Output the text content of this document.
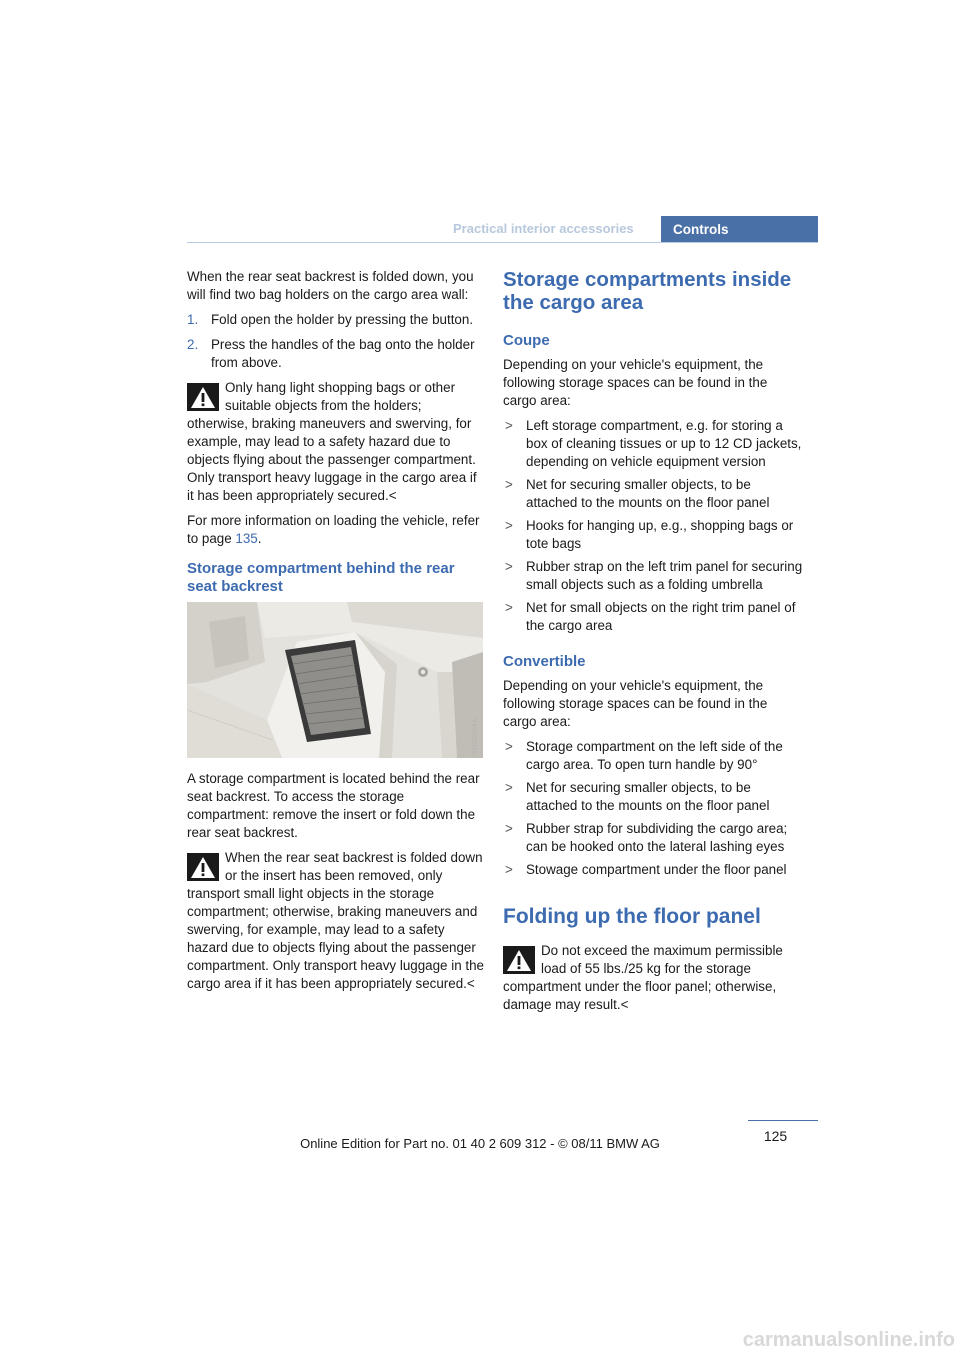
Practical interior accessories	Controls

When the rear seat backrest is folded down, you will find two bag holders on the cargo area wall:

1. Fold open the holder by pressing the button.
2. Press the handles of the bag onto the holder from above.
Only hang light shopping bags or other suitable objects from the holders; otherwise, braking maneuvers and swerving, for example, may lead to a safety hazard due to objects flying about the passenger compartment. Only transport heavy luggage in the cargo area if it has been appropriately secured.<

For more information on loading the vehicle, refer to page 135.

Storage compartment behind the rear seat backrest
W1S0304A

A storage compartment is located behind the rear seat backrest. To access the storage compartment: remove the insert or fold down the rear seat backrest.

When the rear seat backrest is folded down or the insert has been removed, only transport small light objects in the storage compartment; otherwise, braking maneuvers and swerving, for example, may lead to a safety hazard due to objects flying about the passenger compartment. Only transport heavy luggage in the cargo area if it has been appropriately secured.<
Storage compartments inside the cargo area
Coupe

Depending on your vehicle's equipment, the following storage spaces can be found in the cargo area:

> Left storage compartment, e.g. for storing a box of cleaning tissues or up to 12 CD jackets, depending on vehicle equipment version
> Net for securing smaller objects, to be attached to the mounts on the floor panel
> Hooks for hanging up, e.g., shopping bags or tote bags
> Rubber strap on the left trim panel for securing small objects such as a folding umbrella
> Net for small objects on the right trim panel of the cargo area
Convertible

Depending on your vehicle's equipment, the following storage spaces can be found in the cargo area:

> Storage compartment on the left side of the cargo area. To open turn handle by 90°
> Net for securing smaller objects, to be attached to the mounts on the floor panel
> Rubber strap for subdividing the cargo area; can be hooked onto the lateral lashing eyes
> Stowage compartment under the floor panel
Folding up the floor panel
Do not exceed the maximum permissible load of 55 lbs./25 kg for the storage compartment under the floor panel; otherwise, damage may result.<
125
Online Edition for Part no. 01 40 2 609 312 - © 08/11 BMW AG
carmanualsonline.info
